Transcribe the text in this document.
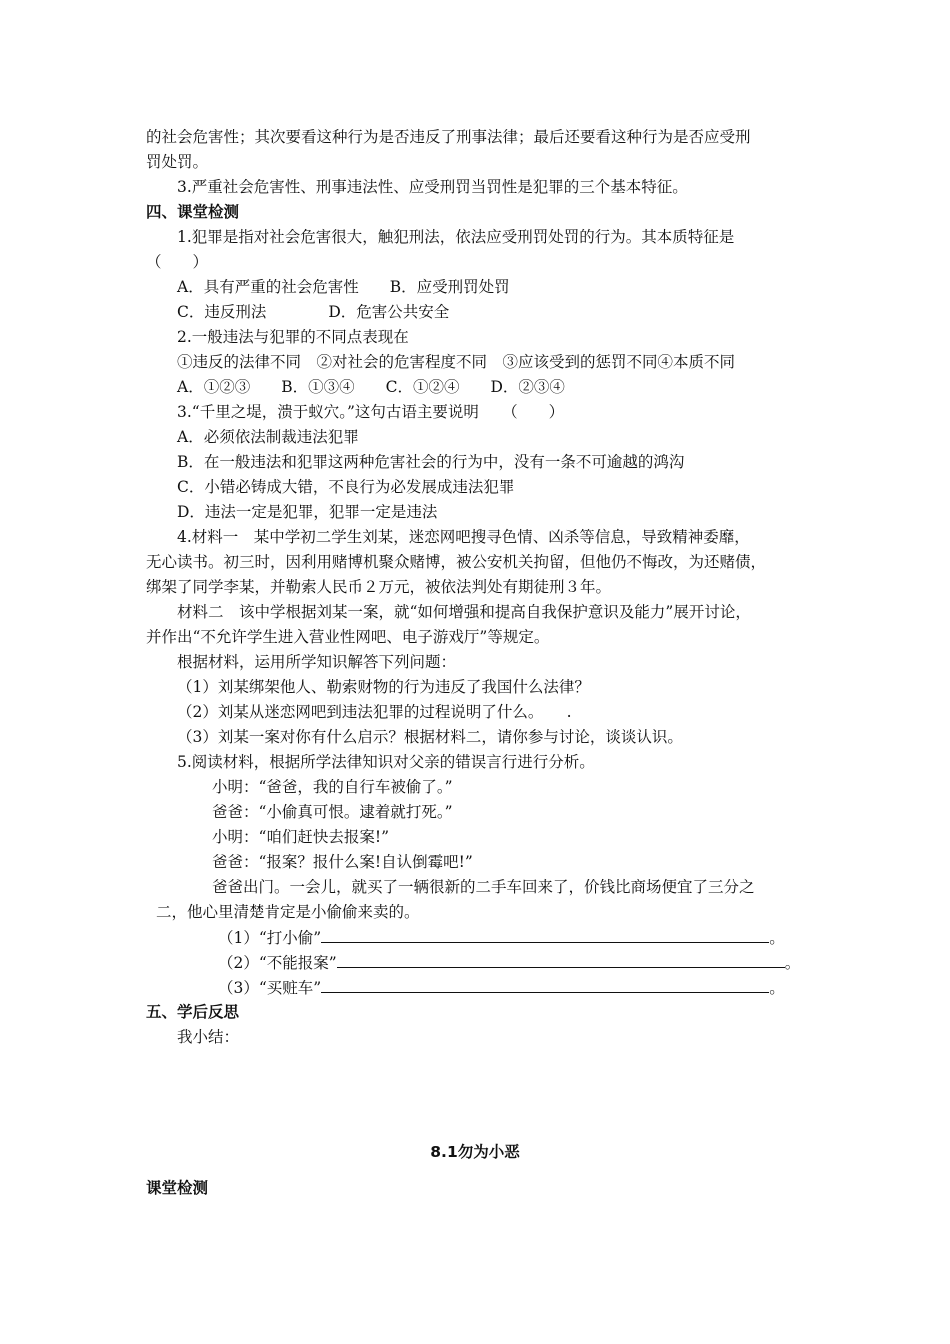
的社会危害性；其次要看这种行为是否违反了刑事法律；最后还要看这种行为是否应受刑
罚处罚。
3.严重社会危害性、刑事违法性、应受刑罚当罚性是犯罪的三个基本特征。
四、课堂检测
1.犯罪是指对社会危害很大，触犯刑法，依法应受刑罚处罚的行为。其本质特征是
（　　）
A．具有严重的社会危害性　　B．应受刑罚处罚
C．违反刑法　　　　D．危害公共安全
2.一般违法与犯罪的不同点表现在
①违反的法律不同　②对社会的危害程度不同　③应该受到的惩罚不同④本质不同
A．①②③　　B．①③④　　C．①②④　　D．②③④
3.“千里之堤，溃于蚁穴。”这句古语主要说明　　（　　）
A．必须依法制裁违法犯罪
B．在一般违法和犯罪这两种危害社会的行为中，没有一条不可逾越的鸿沟
C．小错必铸成大错，不良行为必发展成违法犯罪
D．违法一定是犯罪，犯罪一定是违法
4.材料一　某中学初二学生刘某，迷恋网吧搜寻色情、凶杀等信息，导致精神委靡，
无心读书。初三时，因利用赌博机聚众赌博，被公安机关拘留，但他仍不悔改，为还赌债，
绑架了同学李某，并勒索人民币２万元，被依法判处有期徒刑３年。
材料二　该中学根据刘某一案，就“如何增强和提高自我保护意识及能力”展开讨论，
并作出“不允许学生进入营业性网吧、电子游戏厅”等规定。
根据材料，运用所学知识解答下列问题：
（1）刘某绑架他人、勒索财物的行为违反了我国什么法律？
（2）刘某从迷恋网吧到违法犯罪的过程说明了什么。　　.
（3）刘某一案对你有什么启示？根据材料二，请你参与讨论，谈谈认识。
5.阅读材料，根据所学法律知识对父亲的错误言行进行分析。
小明：“爸爸，我的自行车被偷了。”
爸爸：“小偷真可恨。逮着就打死。”
小明：“咱们赶快去报案!”
爸爸：“报案？报什么案!自认倒霉吧!”
爸爸出门。一会儿，就买了一辆很新的二手车回来了，价钱比商场便宜了三分之
二，他心里清楚肯定是小偷偷来卖的。
（1）“打小偷”	。
（2）“不能报案”	。
（3）“买赃车”	。
五、学后反思
我小结：
8.1勿为小恶
课堂检测
